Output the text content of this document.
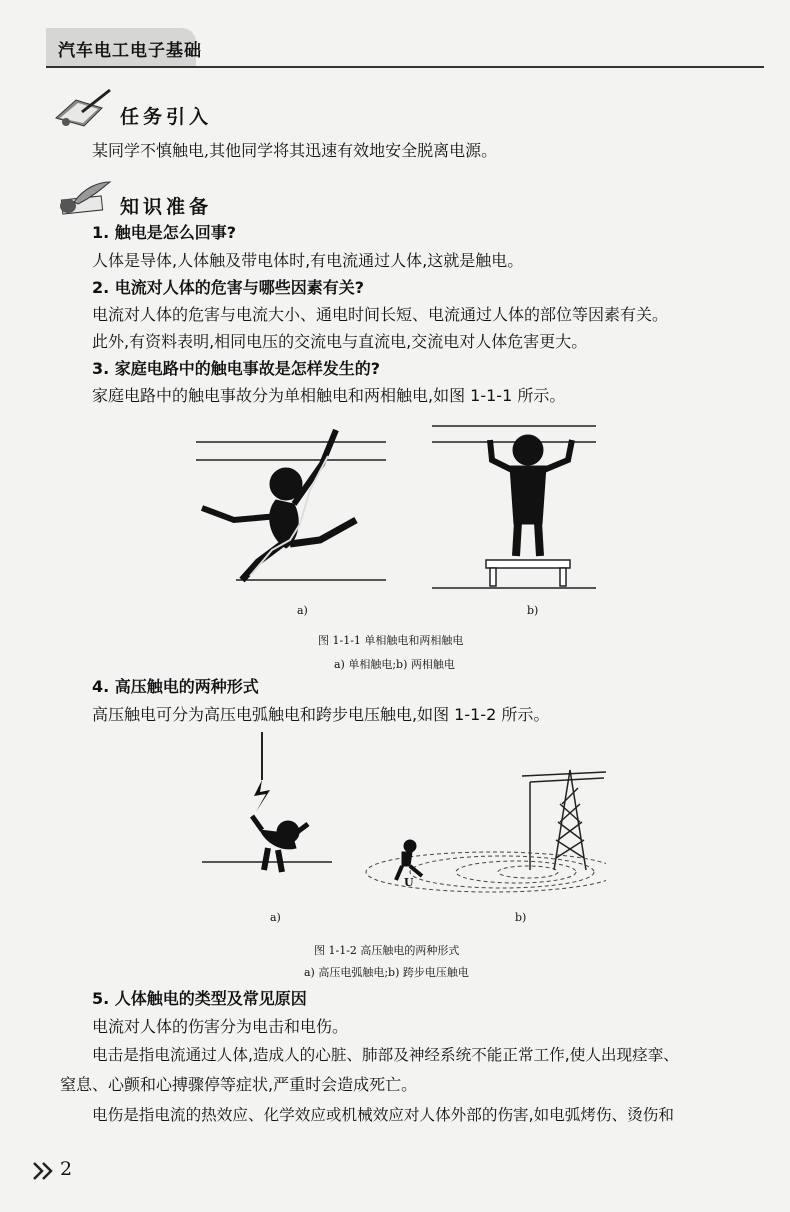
汽车电工电子基础
任务引入
某同学不慎触电,其他同学将其迅速有效地安全脱离电源。
知识准备
1. 触电是怎么回事?
人体是导体,人体触及带电体时,有电流通过人体,这就是触电。
2. 电流对人体的危害与哪些因素有关?
电流对人体的危害与电流大小、通电时间长短、电流通过人体的部位等因素有关。
此外,有资料表明,相同电压的交流电与直流电,交流电对人体危害更大。
3. 家庭电路中的触电事故是怎样发生的?
家庭电路中的触电事故分为单相触电和两相触电,如图 1-1-1 所示。
a)	b)
图 1-1-1 单相触电和两相触电
a) 单相触电;b) 两相触电
4. 高压触电的两种形式
高压触电可分为高压电弧触电和跨步电压触电,如图 1-1-2 所示。
U
a)	b)
图 1-1-2 高压触电的两种形式
a) 高压电弧触电;b) 跨步电压触电
5. 人体触电的类型及常见原因
电流对人体的伤害分为电击和电伤。
电击是指电流通过人体,造成人的心脏、肺部及神经系统不能正常工作,使人出现痉挛、
窒息、心颤和心搏骤停等症状,严重时会造成死亡。
电伤是指电流的热效应、化学效应或机械效应对人体外部的伤害,如电弧烤伤、烫伤和
2
